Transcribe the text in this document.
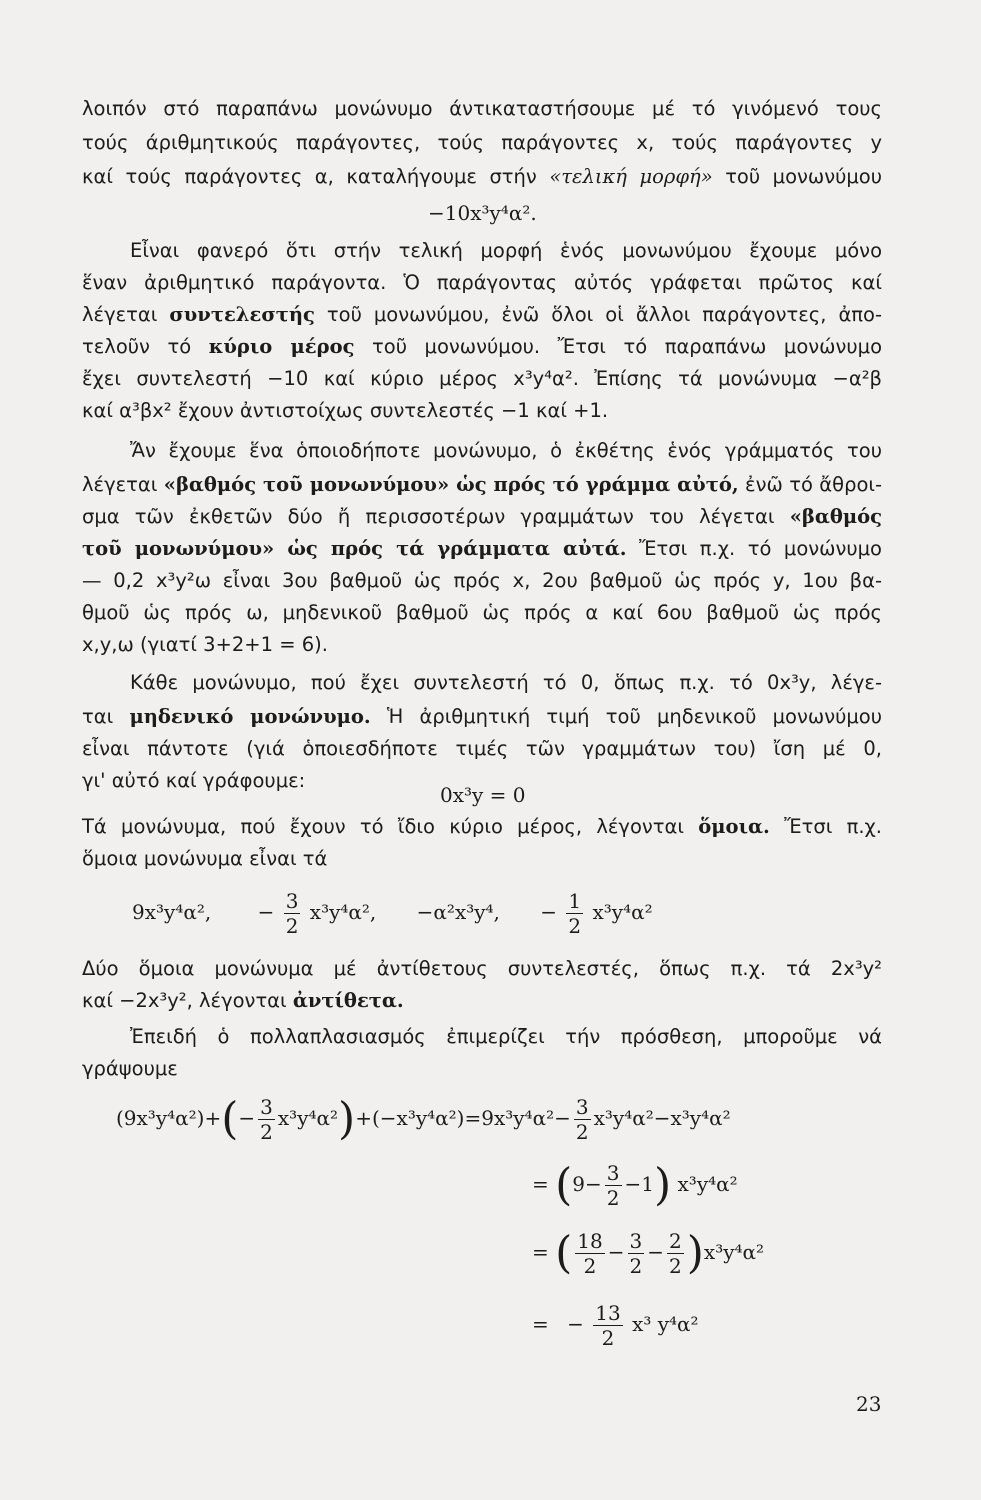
λοιπόν στό παραπάνω μονώνυμο άντικαταστήσουμε μέ τό γινόμενό τους
τούς άριθμητικούς παράγοντες, τούς παράγοντες x, τούς παράγοντες y
καί τούς παράγοντες α, καταλήγουμε στήν «τελική μορφή» τοῦ μονωνύμου
−10x³y⁴α².
Εἶναι φανερό ὅτι στήν τελική μορφή ἑνός μονωνύμου ἔχουμε μόνο
ἕναν ἀριθμητικό παράγοντα. Ὁ παράγοντας αὐτός γράφεται πρῶτος καί
λέγεται συντελεστής τοῦ μονωνύμου, ἐνῶ ὅλοι οἱ ἄλλοι παράγοντες, ἀπο-
τελοῦν τό κύριο μέρος τοῦ μονωνύμου. Ἔτσι τό παραπάνω μονώνυμο
ἔχει συντελεστή −10 καί κύριο μέρος x³y⁴α². Ἐπίσης τά μονώνυμα −α²β
καί α³βx² ἔχουν ἀντιστοίχως συντελεστές −1 καί +1.
Ἄν ἔχουμε ἕνα ὁποιοδήποτε μονώνυμο, ὁ ἐκθέτης ἑνός γράμματός του
λέγεται «βαθμός τοῦ μονωνύμου» ὡς πρός τό γράμμα αὐτό, ἐνῶ τό ἄθροι-
σμα τῶν ἐκθετῶν δύο ἤ περισσοτέρων γραμμάτων του λέγεται «βαθμός
τοῦ μονωνύμου» ὡς πρός τά γράμματα αὐτά. Ἔτσι π.χ. τό μονώνυμο
— 0,2 x³y²ω εἶναι 3ου βαθμοῦ ὡς πρός x, 2ου βαθμοῦ ὡς πρός y, 1ου βα-
θμοῦ ὡς πρός ω, μηδενικοῦ βαθμοῦ ὡς πρός α καί 6ου βαθμοῦ ὡς πρός
x,y,ω (γιατί 3+2+1 = 6).
Κάθε μονώνυμο, πού ἔχει συντελεστή τό 0, ὅπως π.χ. τό 0x³y, λέγε-
ται μηδενικό μονώνυμο. Ἡ ἀριθμητική τιμή τοῦ μηδενικοῦ μονωνύμου
εἶναι πάντοτε (γιά ὁποιεσδήποτε τιμές τῶν γραμμάτων του) ἴση μέ 0,
γι' αὐτό καί γράφουμε:
0x³y = 0
Τά μονώνυμα, πού ἔχουν τό ἴδιο κύριο μέρος, λέγονται ὅμοια. Ἔτσι π.χ.
ὅμοια μονώνυμα εἶναι τά
9x³y⁴α², − $\frac{3}{2} x^3y^4\alpha^2$, −α²x³y⁴, − $\frac{1}{2} x^3y^4\alpha^2$
Δύο ὅμοια μονώνυμα μέ ἀντίθετους συντελεστές, ὅπως π.χ. τά 2x³y²
καί −2x³y², λέγονται ἀντίθετα.
Ἐπειδή ὁ πολλαπλασιασμός ἐπιμερίζει τήν πρόσθεση, μποροῦμε νά
γράψουμε
$(9x^3y^4\alpha^2)+(- \frac{3}{2} x^3y^4\alpha^2)+(-x^3y^4\alpha^2)=9x^3y^4\alpha^2- \frac{3}{2} x^3y^4\alpha^2-x^3y^4\alpha^2$
= $(9- \frac{3}{2} -1)$ x³y⁴α²
= ( $\frac{18}{2} - \frac{3}{2} - \frac{2}{2} )x^3y^4\alpha^2$
= − $\frac{13}{2} x^3$ y⁴α²
23
